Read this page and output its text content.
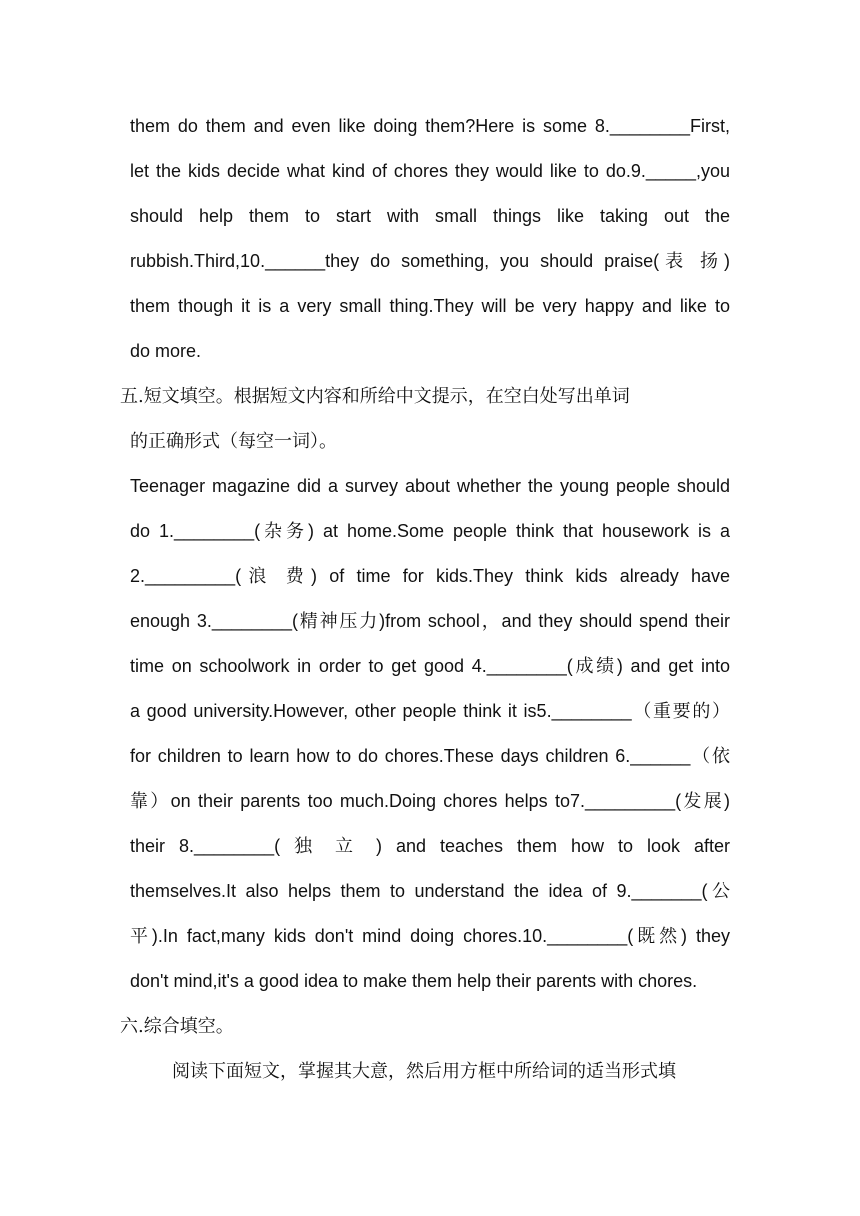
them do them and even like doing them?Here is some 8.________First,
let the kids decide what kind of chores they would like to do.9._____,you
should help them to start with small things like taking out the
rubbish.Third,10.______they do something, you should praise(表 扬)
them though it is a very small thing.They will be very happy and like to
do more.
五.短文填空。根据短文内容和所给中文提示，在空白处写出单词
的正确形式（每空一词）。
Teenager magazine did a survey about whether the young people should
do 1.________(杂务) at home.Some people think that housework is a
2._________(浪 费) of time for kids.They think kids already have
enough 3.________(精神压力)from school，and they should spend their
time on schoolwork in order to get good 4.________(成绩) and get into
a good university.However, other people think it is5.________（重要的）
for children to learn how to do chores.These days children 6.______（依
靠）on their parents too much.Doing chores helps to7._________(发展)
their 8.________( 独 立 ) and teaches them how to look after
themselves.It also helps them to understand the idea of 9._______(公
平).In fact,many kids don't mind doing chores.10.________(既然) they
don't mind,it's a good idea to make them help their parents with chores.
六.综合填空。
阅读下面短文，掌握其大意，然后用方框中所给词的适当形式填
